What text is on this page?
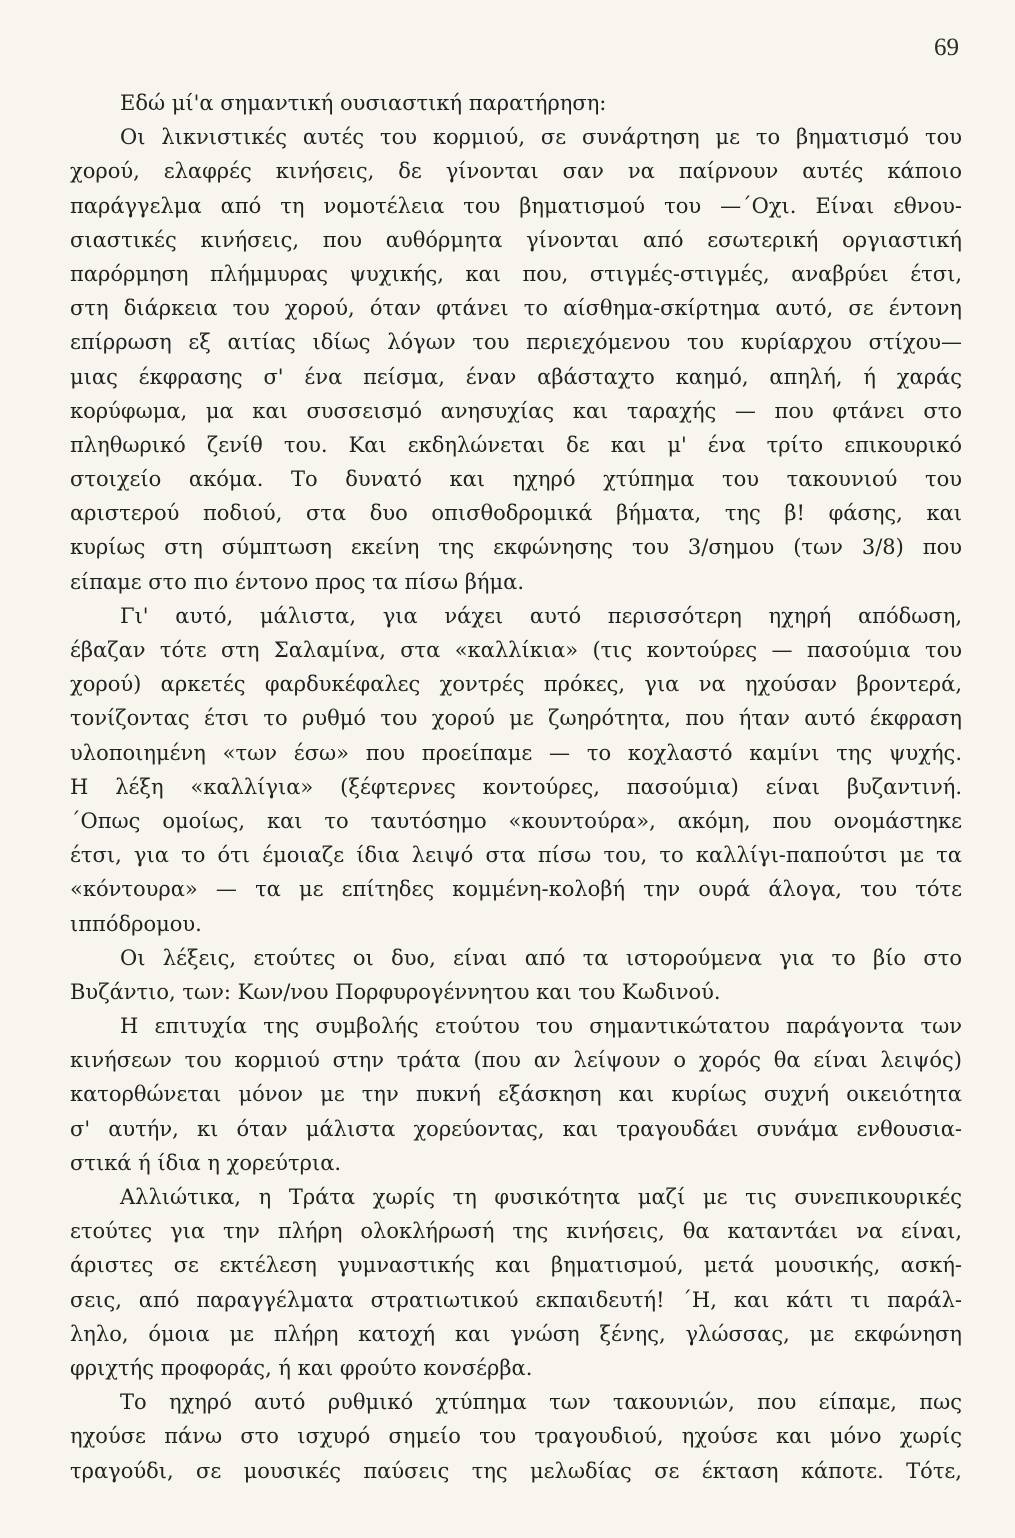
69
Εδώ μί'α σημαντική ουσιαστική παρατήρηση:
Οι λικνιστικές αυτές του κορμιού, σε συνάρτηση με το βηματισμό του
χορού, ελαφρές κινήσεις, δε γίνονται σαν να παίρνουν αυτές κάποιο
παράγγελμα από τη νομοτέλεια του βηματισμού του —΄Οχι. Είναι εθνου-
σιαστικές κινήσεις, που αυθόρμητα γίνονται από εσωτερική οργιαστική
παρόρμηση πλήμμυρας ψυχικής, και που, στιγμές-στιγμές, αναβρύει έτσι,
στη διάρκεια του χορού, όταν φτάνει το αίσθημα-σκίρτημα αυτό, σε έντονη
επίρρωση εξ αιτίας ιδίως λόγων του περιεχόμενου του κυρίαρχου στίχου—
μιας έκφρασης σ' ένα πείσμα, έναν αβάσταχτο καημό, απηλή, ή χαράς
κορύφωμα, μα και συσσεισμό ανησυχίας και ταραχής — που φτάνει στο
πληθωρικό ζενίθ του. Και εκδηλώνεται δε και μ' ένα τρίτο επικουρικό
στοιχείο ακόμα. Το δυνατό και ηχηρό χτύπημα του τακουνιού του
αριστερού ποδιού, στα δυο οπισθοδρομικά βήματα, της β! φάσης, και
κυρίως στη σύμπτωση εκείνη της εκφώνησης του 3/σημου (των 3/8) που
είπαμε στο πιο έντονο προς τα πίσω βήμα.
Γι' αυτό, μάλιστα, για νάχει αυτό περισσότερη ηχηρή απόδωση,
έβαζαν τότε στη Σαλαμίνα, στα «καλλίκια» (τις κοντούρες — πασούμια του
χορού) αρκετές φαρδυκέφαλες χοντρές πρόκες, για να ηχούσαν βροντερά,
τονίζοντας έτσι το ρυθμό του χορού με ζωηρότητα, που ήταν αυτό έκφραση
υλοποιημένη «των έσω» που προείπαμε — το κοχλαστό καμίνι της ψυχής.
Η λέξη «καλλίγια» (ξέφτερνες κοντούρες, πασούμια) είναι βυζαντινή.
΄Οπως ομοίως, και το ταυτόσημο «κουντούρα», ακόμη, που ονομάστηκε
έτσι, για το ότι έμοιαζε ίδια λειψό στα πίσω του, το καλλίγι-παπούτσι με τα
«κόντουρα» — τα με επίτηδες κομμένη-κολοβή την ουρά άλογα, του τότε
ιππόδρομου.
Οι λέξεις, ετούτες οι δυο, είναι από τα ιστορούμενα για το βίο στο
Βυζάντιο, των: Κων/νου Πορφυρογέννητου και του Κωδινού.
Η επιτυχία της συμβολής ετούτου του σημαντικώτατου παράγοντα των
κινήσεων του κορμιού στην τράτα (που αν λείψουν ο χορός θα είναι λειψός)
κατορθώνεται μόνον με την πυκνή εξάσκηση και κυρίως συχνή οικειότητα
σ' αυτήν, κι όταν μάλιστα χορεύοντας, και τραγουδάει συνάμα ενθουσια-
στικά ή ίδια η χορεύτρια.
Αλλιώτικα, η Τράτα χωρίς τη φυσικότητα μαζί με τις συνεπικουρικές
ετούτες για την πλήρη ολοκλήρωσή της κινήσεις, θα καταντάει να είναι,
άριστες σε εκτέλεση γυμναστικής και βηματισμού, μετά μουσικής, ασκή-
σεις, από παραγγέλματα στρατιωτικού εκπαιδευτή! ΄Η, και κάτι τι παράλ-
ληλο, όμοια με πλήρη κατοχή και γνώση ξένης, γλώσσας, με εκφώνηση
φριχτής προφοράς, ή και φρούτο κονσέρβα.
Το ηχηρό αυτό ρυθμικό χτύπημα των τακουνιών, που είπαμε, πως
ηχούσε πάνω στο ισχυρό σημείο του τραγουδιού, ηχούσε και μόνο χωρίς
τραγούδι, σε μουσικές παύσεις της μελωδίας σε έκταση κάποτε. Τότε,
